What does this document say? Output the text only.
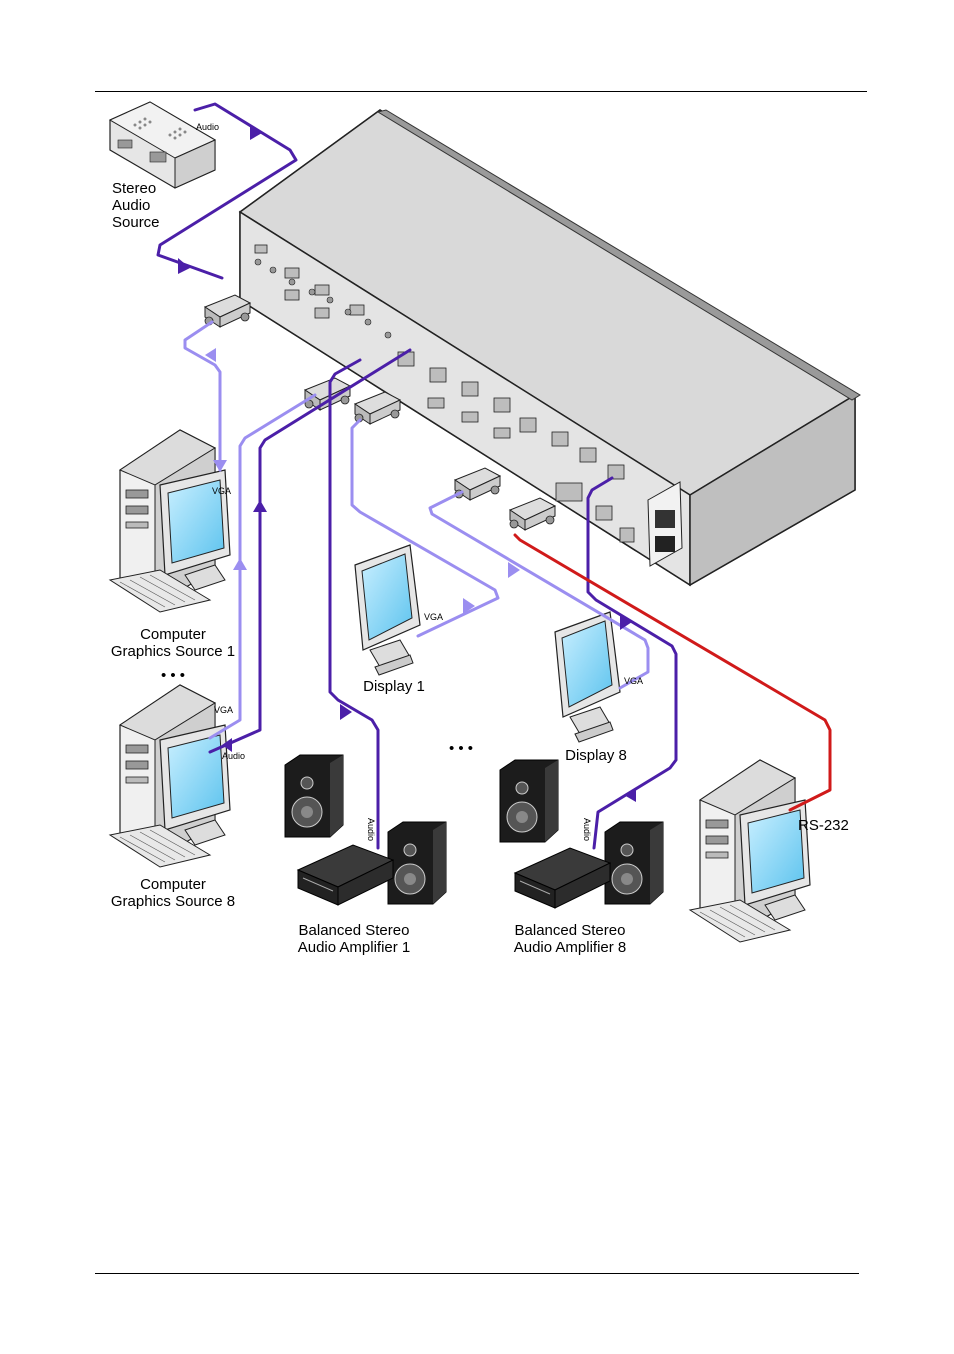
Stereo
Audio
Source
Audio
VGA
VGA
Audio
VGA
VGA
Audio	Audio
Computer
Graphics Source 1
• • •
Computer
Graphics Source 8
Display 1
• • •	Display 8
Balanced Stereo
Audio Amplifier 1
Balanced Stereo
Audio Amplifier 8
RS-232
